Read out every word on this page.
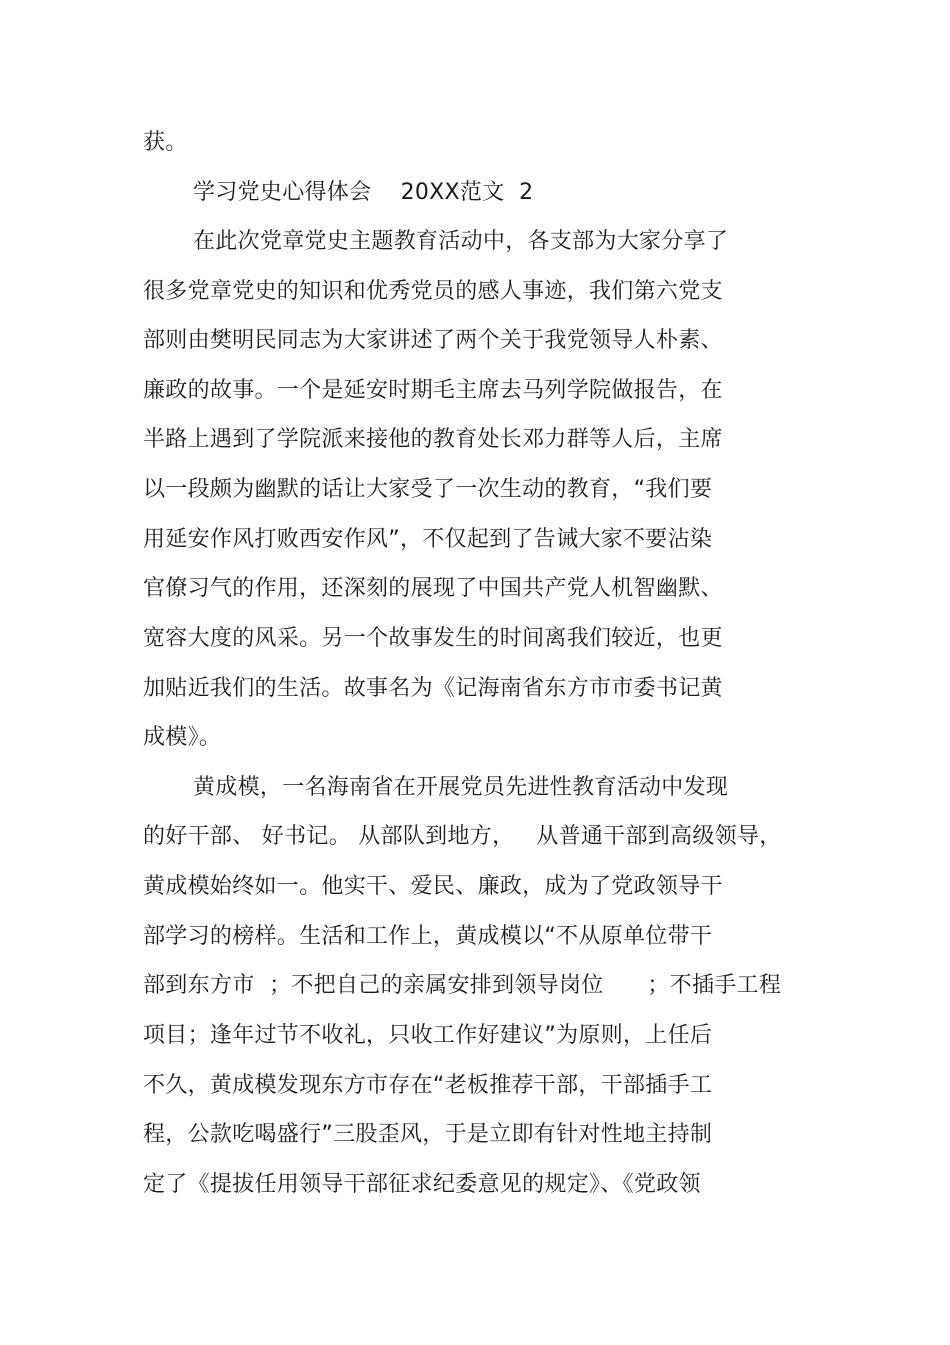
获。
学习党史心得体会    20XX范文  2
在此次党章党史主题教育活动中，各支部为大家分享了
很多党章党史的知识和优秀党员的感人事迹，我们第六党支
部则由樊明民同志为大家讲述了两个关于我党领导人朴素、
廉政的故事。一个是延安时期毛主席去马列学院做报告，在
半路上遇到了学院派来接他的教育处长邓力群等人后，主席
以一段颇为幽默的话让大家受了一次生动的教育，“我们要
用延安作风打败西安作风”，不仅起到了告诫大家不要沾染
官僚习气的作用，还深刻的展现了中国共产党人机智幽默、
宽容大度的风采。另一个故事发生的时间离我们较近，也更
加贴近我们的生活。故事名为《记海南省东方市市委书记黄
成模》。
黄成模，一名海南省在开展党员先进性教育活动中发现
的好干部、 好书记。 从部队到地方，   从普通干部到高级领导，
黄成模始终如一。他实干、爱民、廉政，成为了党政领导干
部学习的榜样。生活和工作上，黄成模以“不从原单位带干
部到东方市  ；不把自己的亲属安排到领导岗位      ；不插手工程
项目；逢年过节不收礼，只收工作好建议”为原则，上任后
不久，黄成模发现东方市存在“老板推荐干部，干部插手工
程，公款吃喝盛行”三股歪风，于是立即有针对性地主持制
定了《提拔任用领导干部征求纪委意见的规定》、《党政领
